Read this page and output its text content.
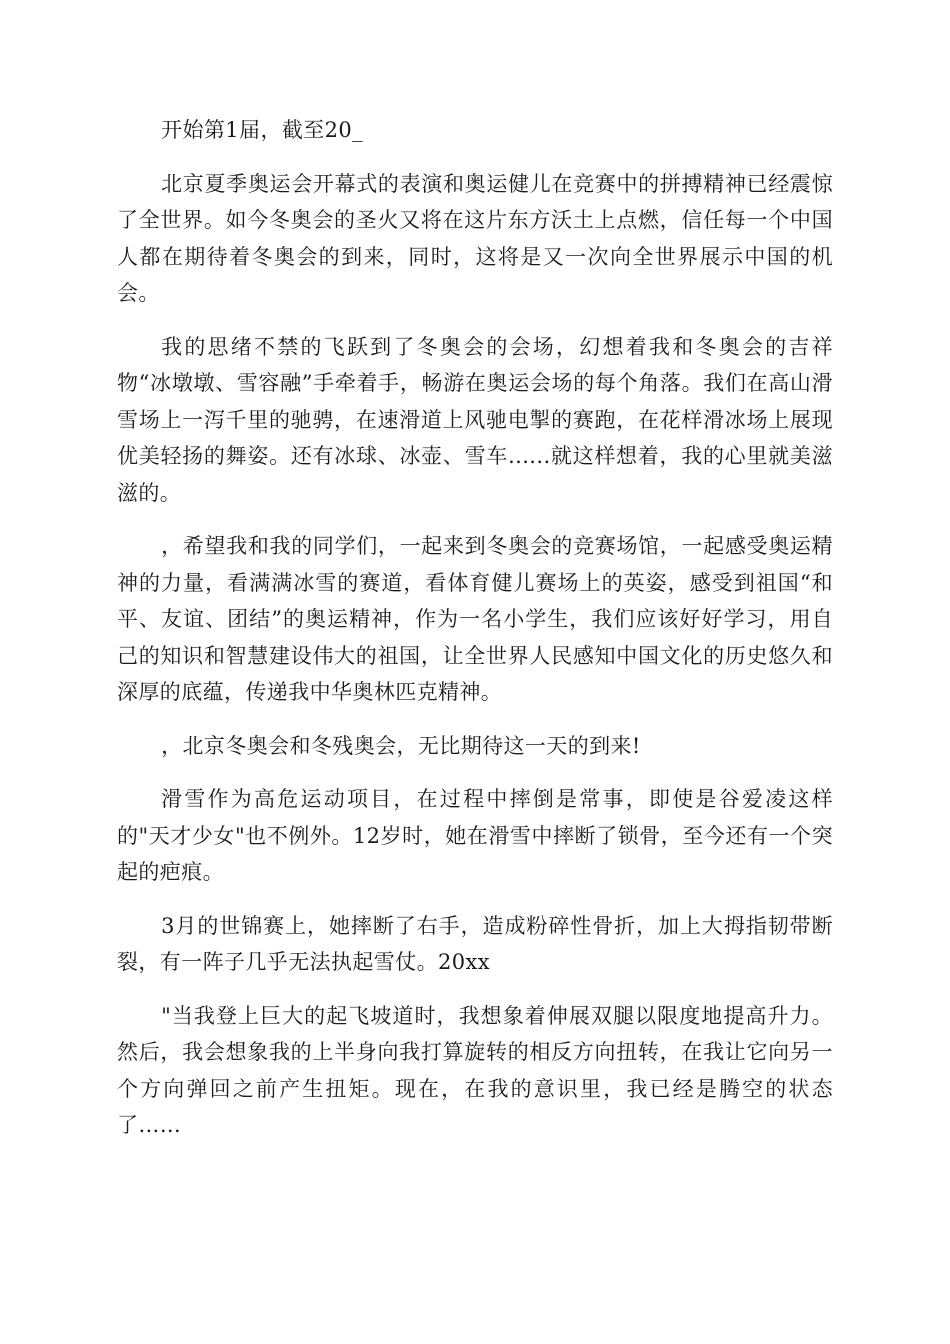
开始第1届，截至20_

北京夏季奥运会开幕式的表演和奥运健儿在竞赛中的拼搏精神已经震惊了全世界。如今冬奥会的圣火又将在这片东方沃土上点燃，信任每一个中国人都在期待着冬奥会的到来，同时，这将是又一次向全世界展示中国的机会。

我的思绪不禁的飞跃到了冬奥会的会场，幻想着我和冬奥会的吉祥物“冰墩墩、雪容融”手牵着手，畅游在奥运会场的每个角落。我们在高山滑雪场上一泻千里的驰骋，在速滑道上风驰电掣的赛跑，在花样滑冰场上展现优美轻扬的舞姿。还有冰球、冰壶、雪车......就这样想着，我的心里就美滋滋的。

，希望我和我的同学们，一起来到冬奥会的竞赛场馆，一起感受奥运精神的力量，看满满冰雪的赛道，看体育健儿赛场上的英姿，感受到祖国“和平、友谊、团结”的奥运精神，作为一名小学生，我们应该好好学习，用自己的知识和智慧建设伟大的祖国，让全世界人民感知中国文化的历史悠久和深厚的底蕴，传递我中华奥林匹克精神。

，北京冬奥会和冬残奥会，无比期待这一天的到来!

滑雪作为高危运动项目，在过程中摔倒是常事，即使是谷爱凌这样的"天才少女"也不例外。12岁时，她在滑雪中摔断了锁骨，至今还有一个突起的疤痕。

3月的世锦赛上，她摔断了右手，造成粉碎性骨折，加上大拇指韧带断裂，有一阵子几乎无法执起雪仗。20xx

"当我登上巨大的起飞坡道时，我想象着伸展双腿以限度地提高升力。然后，我会想象我的上半身向我打算旋转的相反方向扭转，在我让它向另一个方向弹回之前产生扭矩。现在，在我的意识里，我已经是腾空的状态了……
